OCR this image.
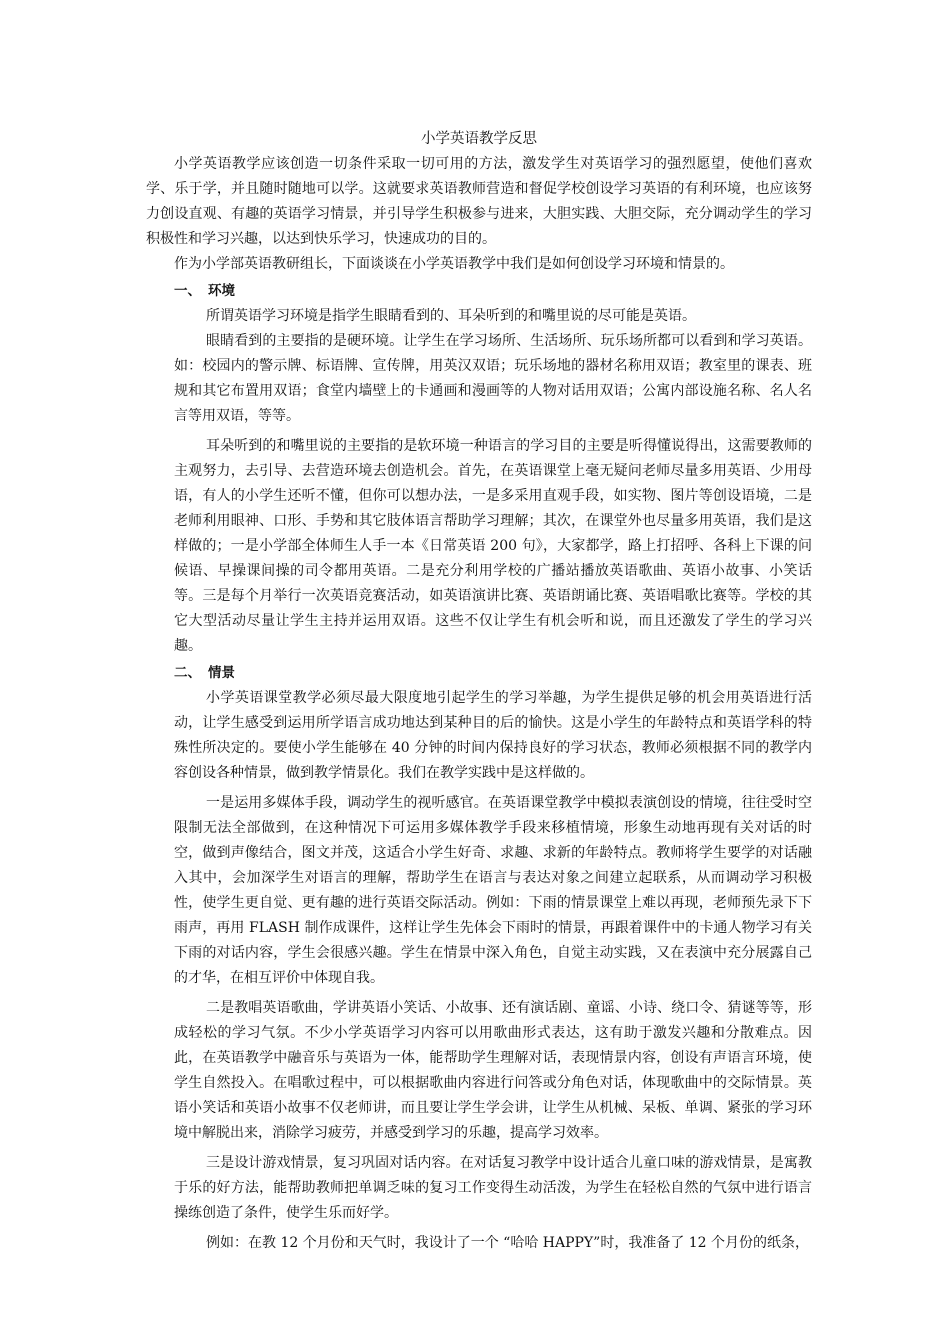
小学英语教学反思

小学英语教学应该创造一切条件采取一切可用的方法，激发学生对英语学习的强烈愿望，使他们喜欢学、乐于学，并且随时随地可以学。这就要求英语教师营造和督促学校创设学习英语的有利环境，也应该努力创设直观、有趣的英语学习情景，并引导学生积极参与进来，大胆实践、大胆交际，充分调动学生的学习积极性和学习兴趣，以达到快乐学习，快速成功的目的。

作为小学部英语教研组长，下面谈谈在小学英语教学中我们是如何创设学习环境和情景的。

一、 环境

所谓英语学习环境是指学生眼睛看到的、耳朵听到的和嘴里说的尽可能是英语。

眼睛看到的主要指的是硬环境。让学生在学习场所、生活场所、玩乐场所都可以看到和学习英语。如：校园内的警示牌、标语牌、宣传牌，用英汉双语；玩乐场地的器材名称用双语；教室里的课表、班规和其它布置用双语；食堂内墙壁上的卡通画和漫画等的人物对话用双语；公寓内部设施名称、名人名言等用双语，等等。

耳朵听到的和嘴里说的主要指的是软环境一种语言的学习目的主要是听得懂说得出，这需要教师的主观努力，去引导、去营造环境去创造机会。首先，在英语课堂上毫无疑问老师尽量多用英语、少用母语，有人的小学生还听不懂，但你可以想办法，一是多采用直观手段，如实物、图片等创设语境，二是老师利用眼神、口形、手势和其它肢体语言帮助学习理解；其次，在课堂外也尽量多用英语，我们是这样做的；一是小学部全体师生人手一本《日常英语 200 句》，大家都学，路上打招呼、各科上下课的问候语、早操课间操的司令都用英语。二是充分利用学校的广播站播放英语歌曲、英语小故事、小笑话等。三是每个月举行一次英语竞赛活动，如英语演讲比赛、英语朗诵比赛、英语唱歌比赛等。学校的其它大型活动尽量让学生主持并运用双语。这些不仅让学生有机会听和说，而且还激发了学生的学习兴趣。

二、 情景

小学英语课堂教学必须尽最大限度地引起学生的学习举趣，为学生提供足够的机会用英语进行活动，让学生感受到运用所学语言成功地达到某种目的后的愉快。这是小学生的年龄特点和英语学科的特殊性所决定的。要使小学生能够在 40 分钟的时间内保持良好的学习状态，教师必须根据不同的教学内容创设各种情景，做到教学情景化。我们在教学实践中是这样做的。

一是运用多媒体手段，调动学生的视听感官。在英语课堂教学中模拟表演创设的情境，往往受时空限制无法全部做到，在这种情况下可运用多媒体教学手段来移植情境，形象生动地再现有关对话的时空，做到声像结合，图文并茂，这适合小学生好奇、求趣、求新的年龄特点。教师将学生要学的对话融入其中，会加深学生对语言的理解，帮助学生在语言与表达对象之间建立起联系，从而调动学习积极性，使学生更自觉、更有趣的进行英语交际活动。例如：下雨的情景课堂上难以再现，老师预先录下下雨声，再用 FLASH 制作成课件，这样让学生先体会下雨时的情景，再跟着课件中的卡通人物学习有关下雨的对话内容，学生会很感兴趣。学生在情景中深入角色，自觉主动实践，又在表演中充分展露自己的才华，在相互评价中体现自我。

二是教唱英语歌曲，学讲英语小笑话、小故事、还有演话剧、童谣、小诗、绕口令、猜谜等等，形成轻松的学习气氛。不少小学英语学习内容可以用歌曲形式表达，这有助于激发兴趣和分散难点。因此，在英语教学中融音乐与英语为一体，能帮助学生理解对话，表现情景内容，创设有声语言环境，使学生自然投入。在唱歌过程中，可以根据歌曲内容进行问答或分角色对话，体现歌曲中的交际情景。英语小笑话和英语小故事不仅老师讲，而且要让学生学会讲，让学生从机械、呆板、单调、紧张的学习环境中解脱出来，消除学习疲劳，并感受到学习的乐趣，提高学习效率。

三是设计游戏情景，复习巩固对话内容。在对话复习教学中设计适合儿童口味的游戏情景，是寓教于乐的好方法，能帮助教师把单调乏味的复习工作变得生动活泼，为学生在轻松自然的气氛中进行语言操练创造了条件，使学生乐而好学。

例如：在教 12 个月份和天气时，我设计了一个 “哈哈 HAPPY”时，我准备了 12 个月份的纸条，
